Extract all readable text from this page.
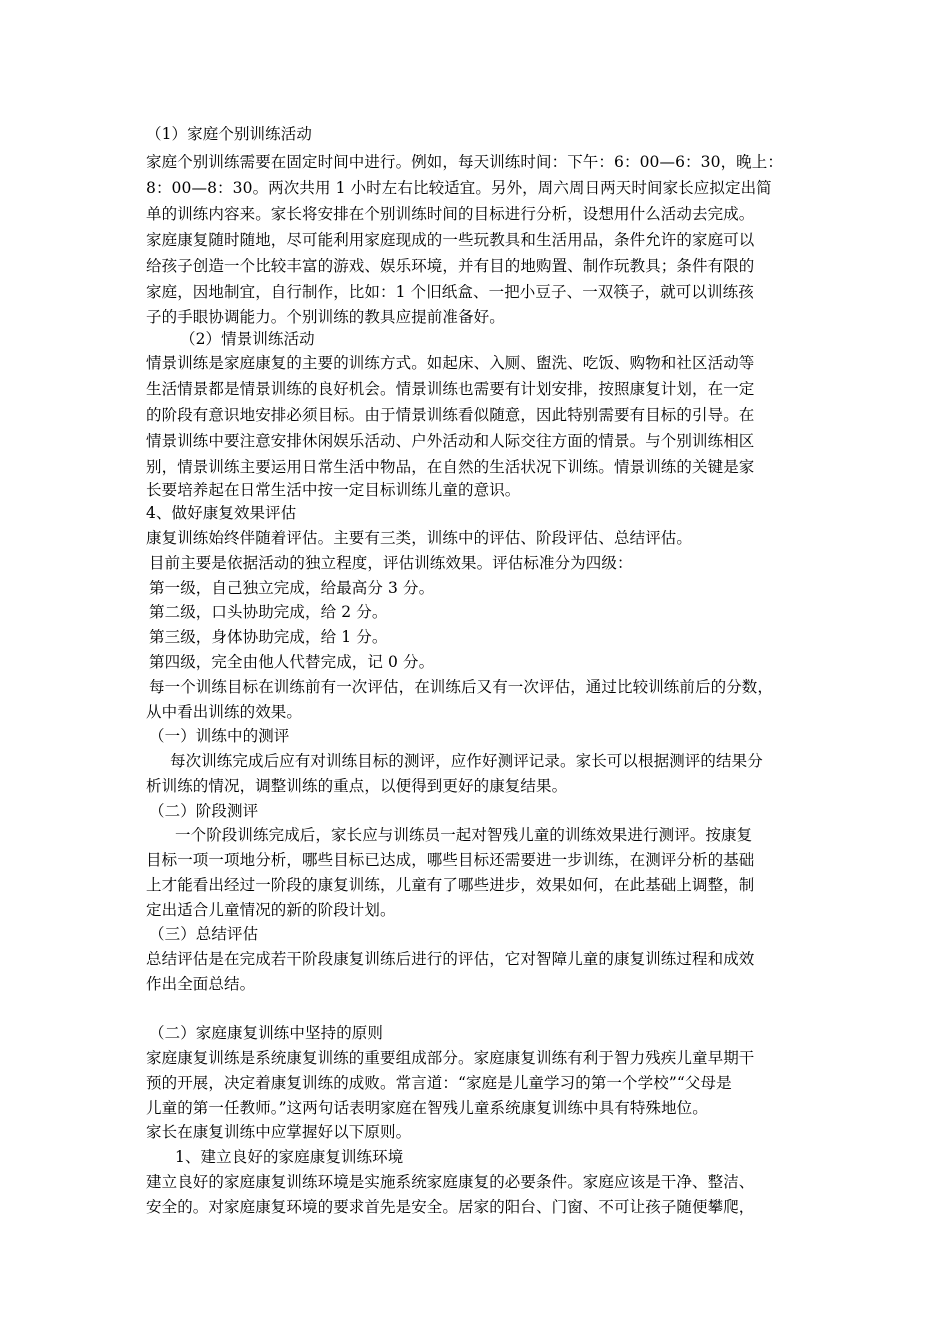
（1）家庭个别训练活动
家庭个别训练需要在固定时间中进行。例如，每天训练时间：下午：6：00—6：30，晚上：
8：00—8：30。两次共用 1 小时左右比较适宜。另外，周六周日两天时间家长应拟定出简
单的训练内容来。家长将安排在个别训练时间的目标进行分析，设想用什么活动去完成。
家庭康复随时随地，尽可能利用家庭现成的一些玩教具和生活用品，条件允许的家庭可以
给孩子创造一个比较丰富的游戏、娱乐环境，并有目的地购置、制作玩教具；条件有限的
家庭，因地制宜，自行制作，比如：1 个旧纸盒、一把小豆子、一双筷子，就可以训练孩
子的手眼协调能力。个别训练的教具应提前准备好。
（2）情景训练活动
情景训练是家庭康复的主要的训练方式。如起床、入厕、盥洗、吃饭、购物和社区活动等
生活情景都是情景训练的良好机会。情景训练也需要有计划安排，按照康复计划，在一定
的阶段有意识地安排必须目标。由于情景训练看似随意，因此特别需要有目标的引导。在
情景训练中要注意安排休闲娱乐活动、户外活动和人际交往方面的情景。与个别训练相区
别，情景训练主要运用日常生活中物品，在自然的生活状况下训练。情景训练的关键是家
长要培养起在日常生活中按一定目标训练儿童的意识。
4、做好康复效果评估
康复训练始终伴随着评估。主要有三类，训练中的评估、阶段评估、总结评估。
目前主要是依据活动的独立程度，评估训练效果。评估标准分为四级：
第一级，自己独立完成，给最高分 3 分。
第二级，口头协助完成，给 2 分。
第三级，身体协助完成，给 1 分。
第四级，完全由他人代替完成，记 0 分。
每一个训练目标在训练前有一次评估，在训练后又有一次评估，通过比较训练前后的分数，
从中看出训练的效果。
（一）训练中的测评
每次训练完成后应有对训练目标的测评，应作好测评记录。家长可以根据测评的结果分
析训练的情况，调整训练的重点，以便得到更好的康复结果。
（二）阶段测评
一个阶段训练完成后，家长应与训练员一起对智残儿童的训练效果进行测评。按康复
目标一项一项地分析，哪些目标已达成，哪些目标还需要进一步训练，在测评分析的基础
上才能看出经过一阶段的康复训练，儿童有了哪些进步，效果如何，在此基础上调整，制
定出适合儿童情况的新的阶段计划。
（三）总结评估
总结评估是在完成若干阶段康复训练后进行的评估，它对智障儿童的康复训练过程和成效
作出全面总结。
（二）家庭康复训练中坚持的原则
家庭康复训练是系统康复训练的重要组成部分。家庭康复训练有利于智力残疾儿童早期干
预的开展，决定着康复训练的成败。常言道：“家庭是儿童学习的第一个学校”“父母是
儿童的第一任教师。”这两句话表明家庭在智残儿童系统康复训练中具有特殊地位。
家长在康复训练中应掌握好以下原则。
1、建立良好的家庭康复训练环境
建立良好的家庭康复训练环境是实施系统家庭康复的必要条件。家庭应该是干净、整洁、
安全的。对家庭康复环境的要求首先是安全。居家的阳台、门窗、不可让孩子随便攀爬，
